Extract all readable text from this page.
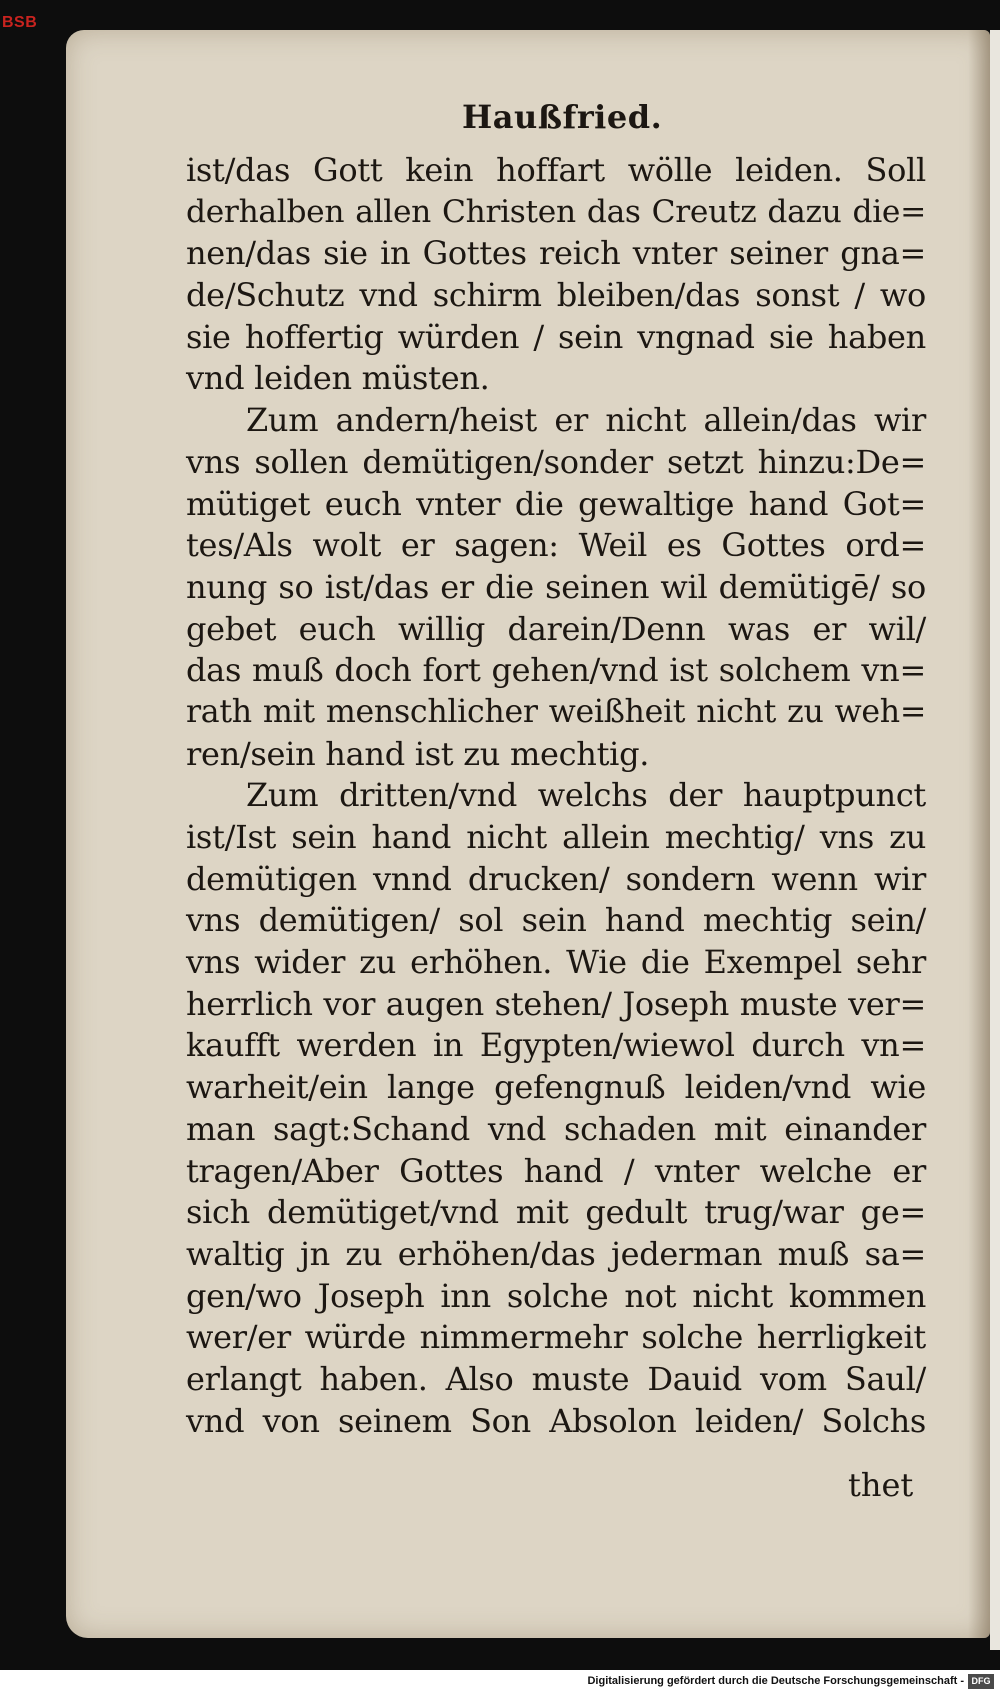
BSB
Haußfried.
ist/das Gott kein hoffart wölle leiden. Soll
derhalben allen Christen das Creutz dazu die=
nen/das sie in Gottes reich vnter seiner gna=
de/Schutz vnd schirm bleiben/das sonst / wo
sie hoffertig würden / sein vngnad sie haben
vnd leiden müsten.
Zum andern/heist er nicht allein/das wir
vns sollen demütigen/sonder setzt hinzu:De=
mütiget euch vnter die gewaltige hand Got=
tes/Als wolt er sagen: Weil es Gottes ord=
nung so ist/das er die seinen wil demütigē/ so
gebet euch willig darein/Denn was er wil/
das muß doch fort gehen/vnd ist solchem vn=
rath mit menschlicher weißheit nicht zu weh=
ren/sein hand ist zu mechtig.
Zum dritten/vnd welchs der hauptpunct
ist/Ist sein hand nicht allein mechtig/ vns zu
demütigen vnnd drucken/ sondern wenn wir
vns demütigen/ sol sein hand mechtig sein/
vns wider zu erhöhen. Wie die Exempel sehr
herrlich vor augen stehen/ Joseph muste ver=
kaufft werden in Egypten/wiewol durch vn=
warheit/ein lange gefengnuß leiden/vnd wie
man sagt:Schand vnd schaden mit einander
tragen/Aber Gottes hand / vnter welche er
sich demütiget/vnd mit gedult trug/war ge=
waltig jn zu erhöhen/das jederman muß sa=
gen/wo Joseph inn solche not nicht kommen
wer/er würde nimmermehr solche herrligkeit
erlangt haben. Also muste Dauid vom Saul/
vnd von seinem Son Absolon leiden/ Solchs
thet
Digitalisierung gefördert durch die Deutsche Forschungsgemeinschaft - DFG
